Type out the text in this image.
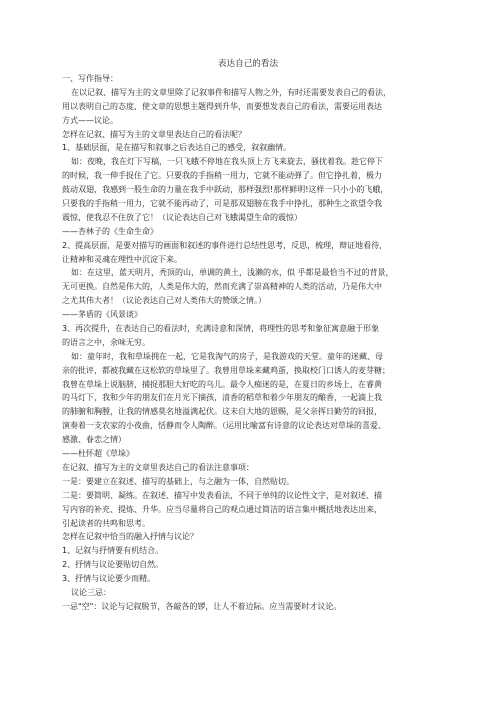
表达自己的看法
一、写作指导：
在以记叙、描写为主的文章里除了记叙事件和描写人物之外，有时还需要发表自己的看法，
用以表明自己的态度，使文章的思想主题得到升华，而要想发表自己的看法，需要运用表达
方式——议论。
怎样在记叙、描写为主的文章里表达自己的看法呢？
1、基础层面，是在描写和叙事之后表达自己的感受，叙叙幽情。
如：夜晚，我在灯下写稿，一只飞蛾不停地在我头顶上方飞来旋去，骚扰着我。趁它停下
的时候，我一伸手捉住了它。只要我的手指稍一用力，它就不能动弹了。但它挣扎着，极力
鼓动双翅，我感到一股生命的力量在我手中跃动，那样强烈!那样鲜明!这样一只小小的飞蛾，
只要我的手指稍一用力，它就不能再动了，可是那双翅膀在我手中挣扎，那种生之欲望令我
震惊，使我忍不住放了它！（议论表达自己对飞蛾渴望生命的震惊）
——杏林子的《生命生命》
2、提高层面，是要对描写的画面和叙述的事件进行总结性思考，反思，梳理，辩证地看待，
让精神和灵魂在理性中沉淀下来。
如：在这里，蓝天明月，秃顶的山，单调的黄土，浅濑的水，似 乎都是最恰当不过的背景，
无可更换。自然是伟大的，人类是伟大的，然而充满了崇高精神的人类的活动，乃是伟大中
之尤其伟大者！（议论表达自己对人类伟大的赞颂之情。）
——茅盾的《风景谈》
3、再次提升，在表达自己的看法时，充满诗意和深情，将理性的思考和象征寓意融于形象
的语言之中，余味无穷。
如：童年时，我和草垛拥在一起，它是我淘气的房子，是我游戏的天堂。童年的迷藏、母
亲的批评，都被我藏在这松软的草垛里了。我曾用草垛来藏鸡蛋，换取校门口诱人的麦芽糖；
我曾在草垛上说脑脐，捕捉那胆大好吃的乌儿。最令人痴迷的是，在夏日的乡场上，在睿黄
的马灯下，我和少年的朋友们在月光下摘孩，清香的稻草和着少年朋友的酿香，一起滴上我
的肺腑和胸膛，让我的情感莫名地溢满起伏。这未自大地的恩赐，是父亲挥日勤劳的回报，
演奏着一支农家的小夜曲，恬静而令人陶醉。（运用比喻富有诗意的议论表达对草垛的喜爱、
感激、眷恋之情）
——杜怀超《草垛》
在记叙、描写为主的文章里表达自己的看法注意事项：
一是：要建立在叙述、描写的基础上，与之融为一体，自然贴切。
二是：要简明、凝练。在叙述、描写中发表看法，不同于单纯的议论性文字，是对叙述、描
写内容的补充、提炼、升华。应当尽量将自己的观点通过简洁的语言集中概括地表达出来，
引起读者的共鸣和思考。
怎样在记叙中恰当的融入抒情与议论？
1、记叙与抒情要有机结合。
2、抒情与议论要贴切自然。
3、抒情与议论要少而精。
议论三忌：
一忌"空"：议论与记叙脱节，各敲各的锣，让人不着边际。应当需要时才议论。
